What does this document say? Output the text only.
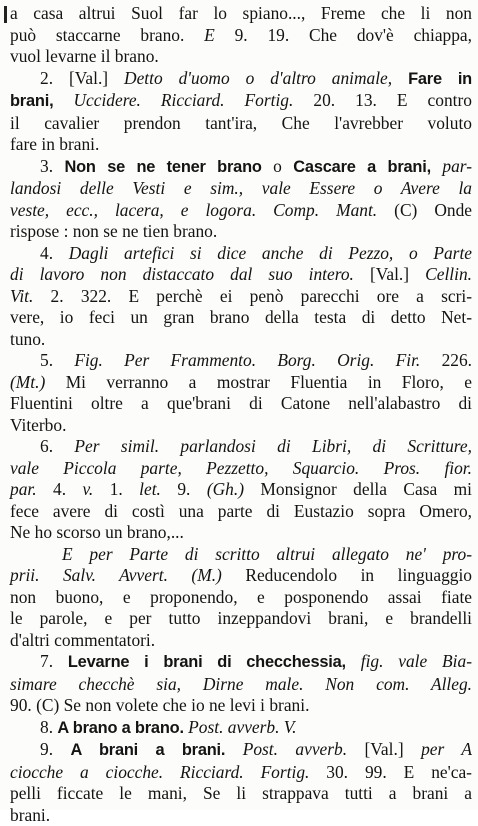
a casa altrui Suol far lo spiano..., Freme che li non
può staccarne brano. E 9. 19. Che dov'è chiappa,
vuol levarne il brano.
2. [Val.] Detto d'uomo o d'altro animale, Fare in
brani, Uccidere. Ricciard. Fortig. 20. 13. E contro
il cavalier prendon tant'ira, Che l'avrebber voluto
fare in brani.
3. Non se ne tener brano o Cascare a brani, par-
landosi delle Vesti e sim., vale Essere o Avere la
veste, ecc., lacera, e logora. Comp. Mant. (C) Onde
rispose : non se ne tien brano.
4. Dagli artefici si dice anche di Pezzo, o Parte
di lavoro non distaccato dal suo intero. [Val.] Cellin.
Vit. 2. 322. E perchè ei penò parecchi ore a scri-
vere, io feci un gran brano della testa di detto Net-
tuno.
5. Fig. Per Frammento. Borg. Orig. Fir. 226.
(Mt.) Mi verranno a mostrar Fluentia in Floro, e
Fluentini oltre a que'brani di Catone nell'alabastro di
Viterbo.
6. Per simil. parlandosi di Libri, di Scritture,
vale Piccola parte, Pezzetto, Squarcio. Pros. fior.
par. 4. v. 1. let. 9. (Gh.) Monsignor della Casa mi
fece avere di costì una parte di Eustazio sopra Omero,
Ne ho scorso un brano,...
E per Parte di scritto altrui allegato ne' pro-
prii. Salv. Avvert. (M.) Reducendolo in linguaggio
non buono, e proponendo, e posponendo assai fiate
le parole, e per tutto inzeppandovi brani, e brandelli
d'altri commentatori.
7. Levarne i brani di checchessia, fig. vale Bia-
simare checchè sia, Dirne male. Non com. Alleg.
90. (C) Se non volete che io ne levi i brani.
8. A brano a brano. Post. avverb. V.
9. A brani a brani. Post. avverb. [Val.] per A
ciocche a ciocche. Ricciard. Fortig. 30. 99. E ne'ca-
pelli ficcate le mani, Se li strappava tutti a brani a
brani.
